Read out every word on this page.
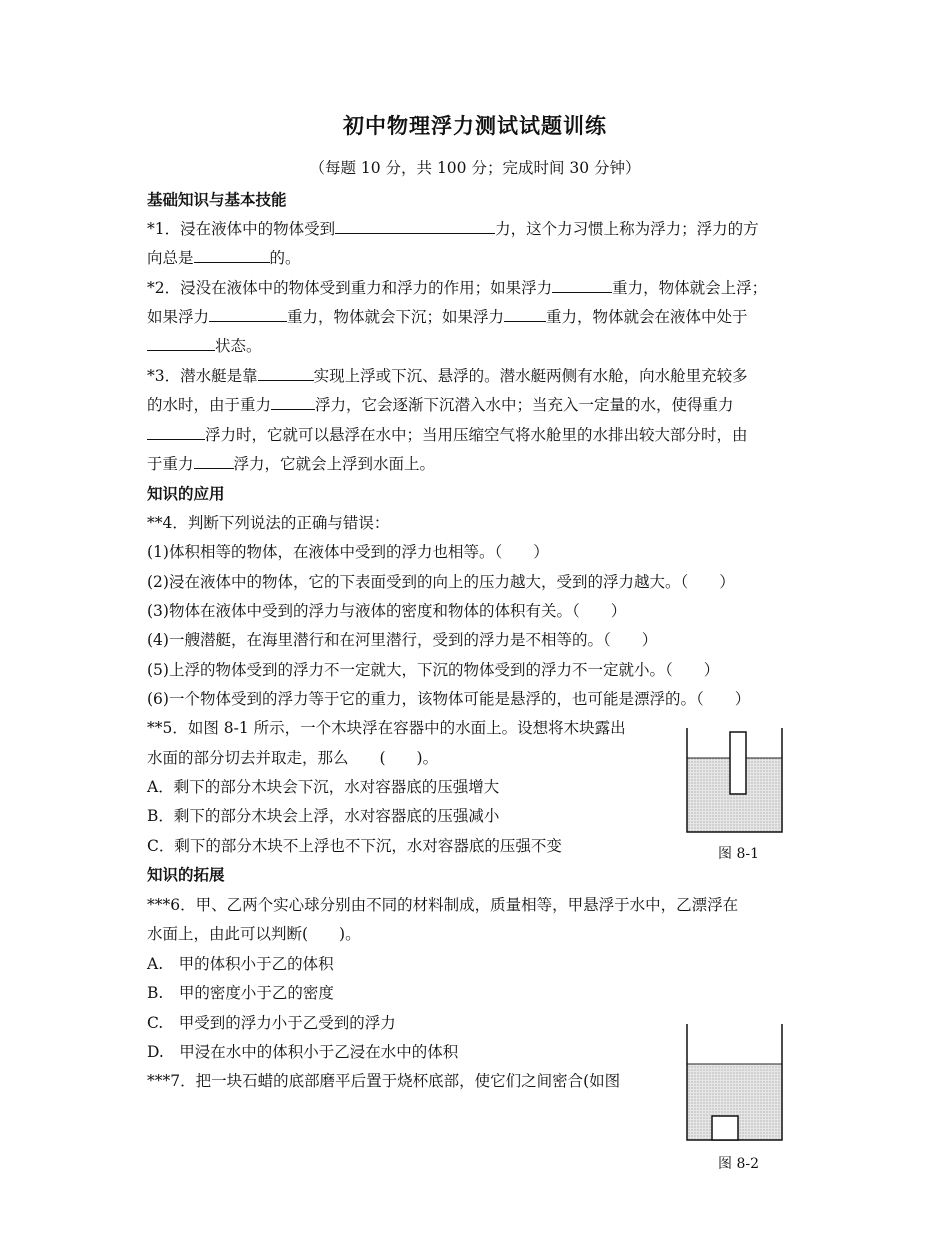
初中物理浮力测试试题训练
（每题 10 分，共 100 分；完成时间 30 分钟）
基础知识与基本技能
*1．浸在液体中的物体受到	力，这个力习惯上称为浮力；浮力的方
向总是	的。
*2．浸没在液体中的物体受到重力和浮力的作用；如果浮力	重力，物体就会上浮；
如果浮力	重力，物体就会下沉；如果浮力	重力，物体就会在液体中处于
状态。
*3．潜水艇是靠	实现上浮或下沉、悬浮的。潜水艇两侧有水舱，向水舱里充较多
的水时，由于重力	浮力，它会逐渐下沉潜入水中；当充入一定量的水，使得重力
浮力时，它就可以悬浮在水中；当用压缩空气将水舱里的水排出较大部分时，由
于重力	浮力，它就会上浮到水面上。
知识的应用
**4．判断下列说法的正确与错误：
(1)体积相等的物体，在液体中受到的浮力也相等。（　　）
(2)浸在液体中的物体，它的下表面受到的向上的压力越大，受到的浮力越大。（　　）
(3)物体在液体中受到的浮力与液体的密度和物体的体积有关。（　　）
(4)一艘潜艇，在海里潜行和在河里潜行，受到的浮力是不相等的。（　　）
(5)上浮的物体受到的浮力不一定就大，下沉的物体受到的浮力不一定就小。（　　）
(6)一个物体受到的浮力等于它的重力，该物体可能是悬浮的，也可能是漂浮的。（　　）
**5．如图 8-1 所示，一个木块浮在容器中的水面上。设想将木块露出
水面的部分切去并取走，那么　　(　　)。
A．剩下的部分木块会下沉，水对容器底的压强增大
B．剩下的部分木块会上浮，水对容器底的压强减小
C．剩下的部分木块不上浮也不下沉，水对容器底的压强不变	图 8-1
知识的拓展
***6．甲、乙两个实心球分别由不同的材料制成，质量相等，甲悬浮于水中，乙漂浮在
水面上，由此可以判断(　　)。
A.　甲的体积小于乙的体积
B.　甲的密度小于乙的密度
C.　甲受到的浮力小于乙受到的浮力
D.　甲浸在水中的体积小于乙浸在水中的体积
***7．把一块石蜡的底部磨平后置于烧杯底部，使它们之间密合(如图
图 8-2
